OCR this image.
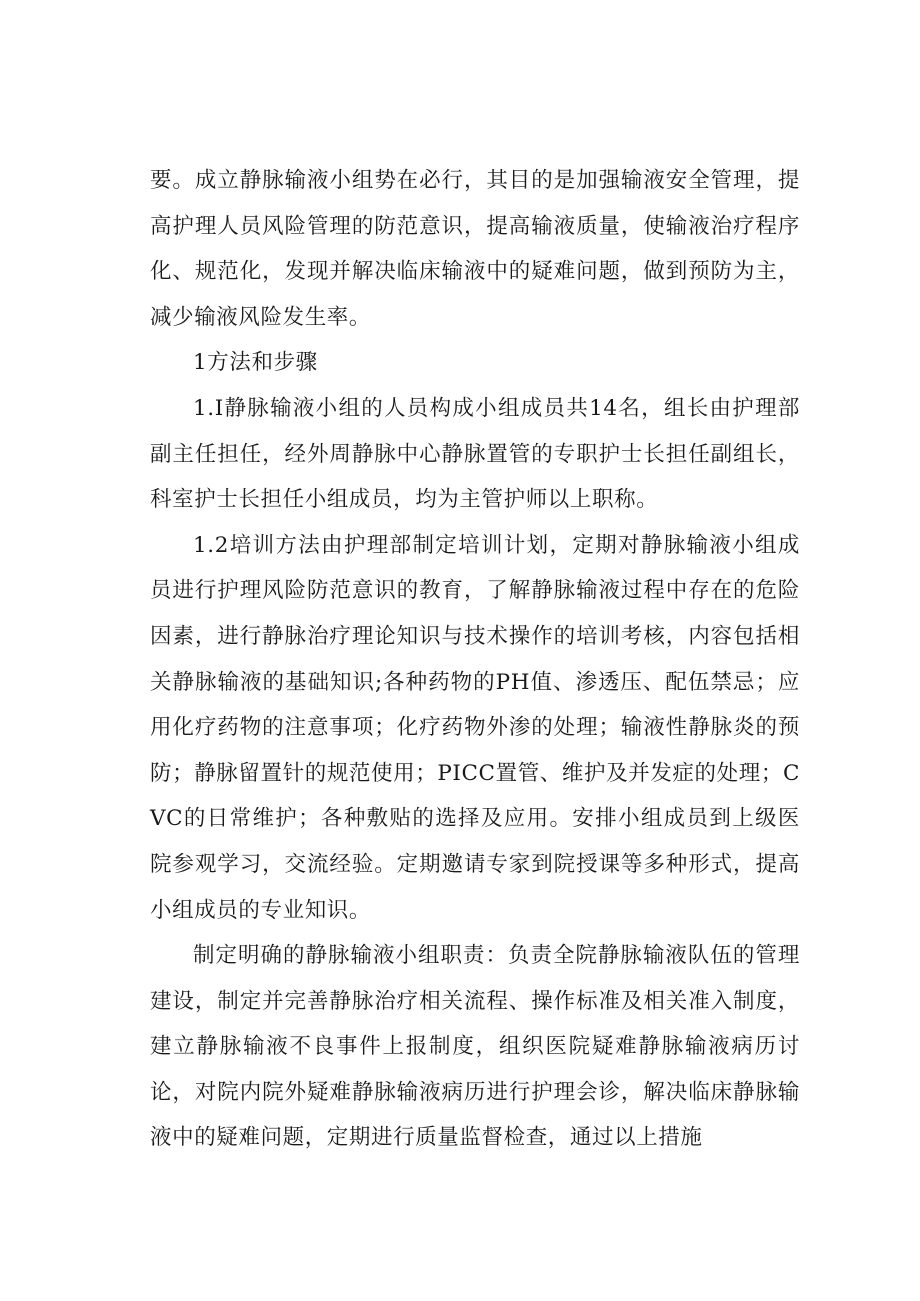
要。成立静脉输液小组势在必行，其目的是加强输液安全管理，提高护理人员风险管理的防范意识，提高输液质量，使输液治疗程序化、规范化，发现并解决临床输液中的疑难问题，做到预防为主，减少输液风险发生率。

1方法和步骤

1.I静脉输液小组的人员构成小组成员共14名，组长由护理部副主任担任，经外周静脉中心静脉置管的专职护士长担任副组长，科室护士长担任小组成员，均为主管护师以上职称。

1.2培训方法由护理部制定培训计划，定期对静脉输液小组成员进行护理风险防范意识的教育，了解静脉输液过程中存在的危险因素，进行静脉治疗理论知识与技术操作的培训考核，内容包括相关静脉输液的基础知识;各种药物的PH值、渗透压、配伍禁忌；应用化疗药物的注意事项；化疗药物外渗的处理；输液性静脉炎的预防；静脉留置针的规范使用；PICC置管、维护及并发症的处理；CVC的日常维护；各种敷贴的选择及应用。安排小组成员到上级医院参观学习，交流经验。定期邀请专家到院授课等多种形式，提高小组成员的专业知识。

制定明确的静脉输液小组职责：负责全院静脉输液队伍的管理建设，制定并完善静脉治疗相关流程、操作标准及相关准入制度，建立静脉输液不良事件上报制度，组织医院疑难静脉输液病历讨论，对院内院外疑难静脉输液病历进行护理会诊，解决临床静脉输液中的疑难问题，定期进行质量监督检查，通过以上措施
